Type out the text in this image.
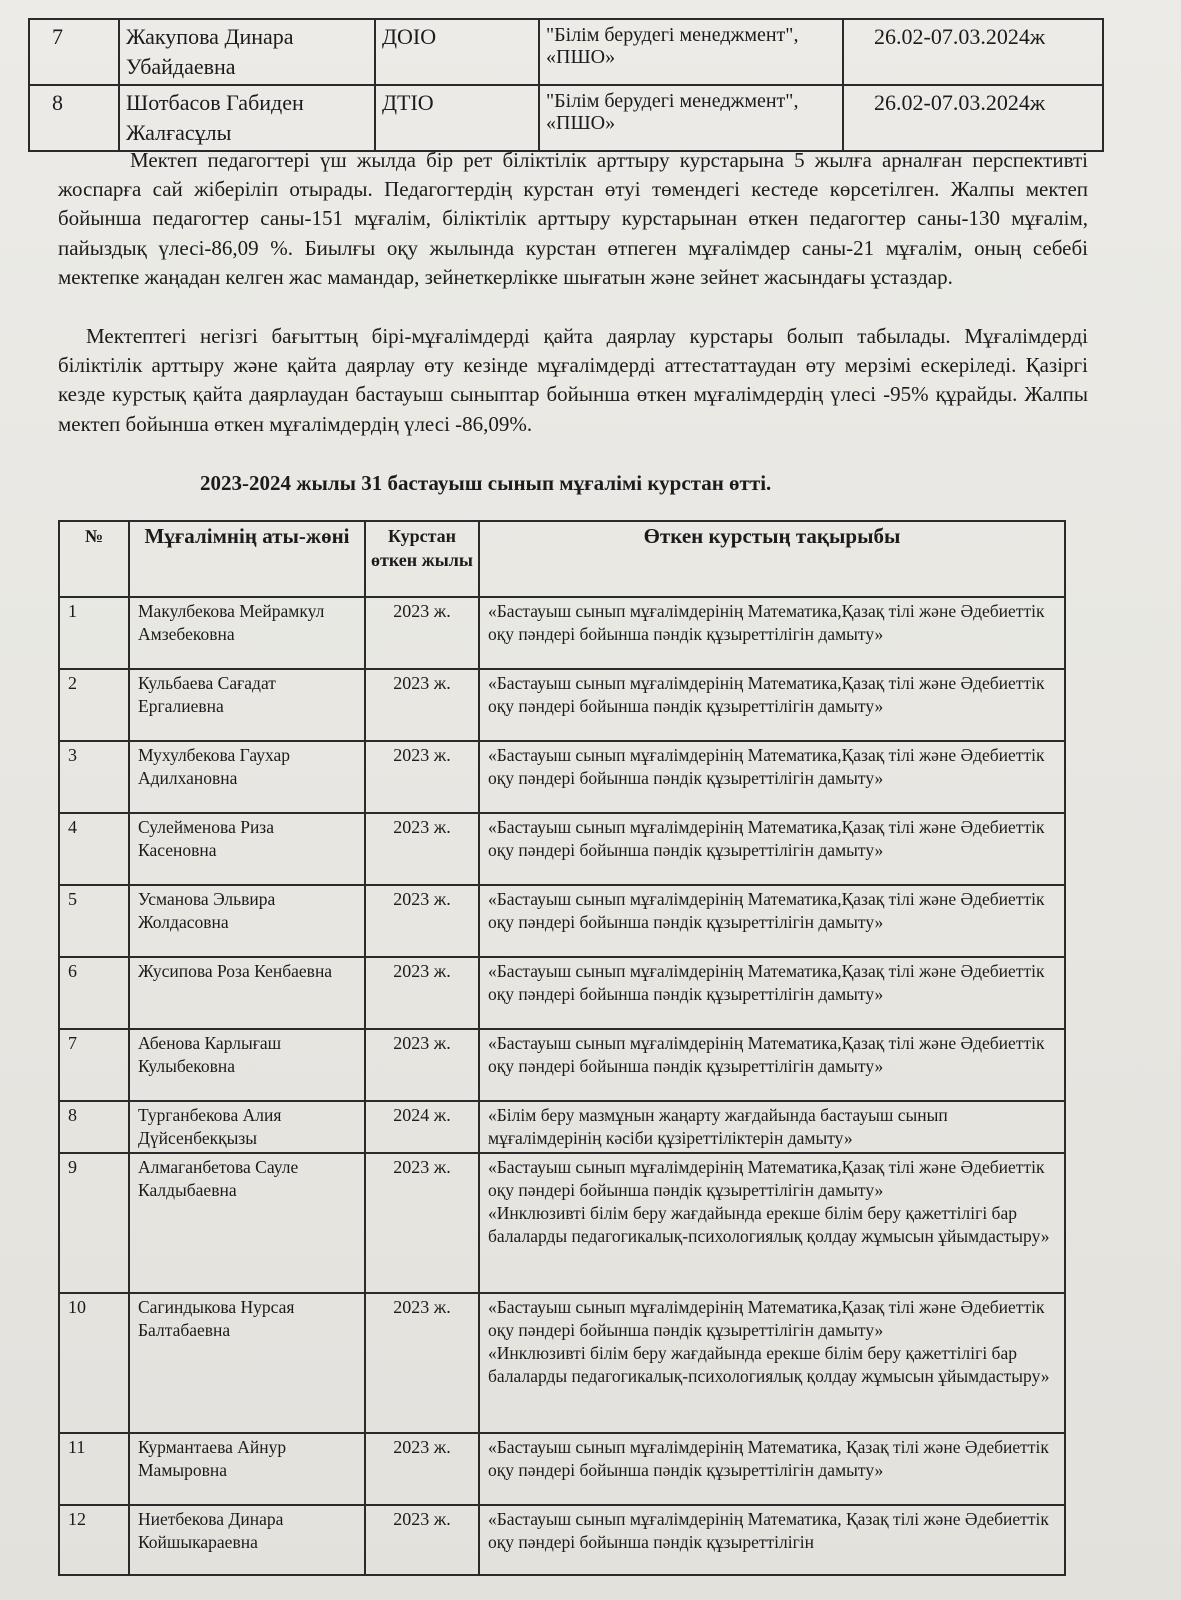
7	Жакупова Динара Убайдаевна	ДОІО	"Білім берудегі менеджмент", «ПШО»	26.02-07.03.2024ж
8	Шотбасов Габиден Жалғасұлы	ДТІО	"Білім берудегі менеджмент", «ПШО»	26.02-07.03.2024ж

Мектеп педагогтері үш жылда бір рет біліктілік арттыру курстарына 5 жылға арналған перспективті жоспарға сай жіберіліп отырады. Педагогтердің курстан өтуі төмендегі кестеде көрсетілген. Жалпы мектеп бойынша педагогтер саны-151 мұғалім, біліктілік арттыру курстарынан өткен педагогтер саны-130 мұғалім, пайыздық үлесі-86,09 %. Биылғы оқу жылында курстан өтпеген мұғалімдер саны-21 мұғалім, оның себебі мектепке жаңадан келген жас мамандар, зейнеткерлікке шығатын және зейнет жасындағы ұстаздар.

Мектептегі негізгі бағыттың бірі-мұғалімдерді қайта даярлау курстары болып табылады. Мұғалімдерді біліктілік арттыру және қайта даярлау өту кезінде мұғалімдерді аттестаттаудан өту мерзімі ескеріледі. Қазіргі кезде курстық қайта даярлаудан бастауыш сыныптар бойынша өткен мұғалімдердің үлесі -95% құрайды. Жалпы мектеп бойынша өткен мұғалімдердің үлесі -86,09%.

2023-2024 жылы 31 бастауыш сынып мұғалімі курстан өтті.

№	Мұғалімнің аты-жөні	Курстан өткен жылы	Өткен курстың тақырыбы
1	Макулбекова Мейрамкул Амзебековна	2023 ж.	«Бастауыш сынып мұғалімдерінің Математика,Қазақ тілі және Әдебиеттік оқу пәндері бойынша пәндік құзыреттілігін дамыту»

2	Кульбаева Сағадат Ергалиевна	2023 ж.	«Бастауыш сынып мұғалімдерінің Математика,Қазақ тілі және Әдебиеттік оқу пәндері бойынша пәндік құзыреттілігін дамыту»

3	Мухулбекова Гаухар Адилхановна	2023 ж.	«Бастауыш сынып мұғалімдерінің Математика,Қазақ тілі және Әдебиеттік оқу пәндері бойынша пәндік құзыреттілігін дамыту»

4	Сулейменова Риза Касеновна	2023 ж.	«Бастауыш сынып мұғалімдерінің Математика,Қазақ тілі және Әдебиеттік оқу пәндері бойынша пәндік құзыреттілігін дамыту»

5	Усманова Эльвира Жолдасовна	2023 ж.	«Бастауыш сынып мұғалімдерінің Математика,Қазақ тілі және Әдебиеттік оқу пәндері бойынша пәндік құзыреттілігін дамыту»

6	Жусипова Роза Кенбаевна	2023 ж.	«Бастауыш сынып мұғалімдерінің Математика,Қазақ тілі және Әдебиеттік оқу пәндері бойынша пәндік құзыреттілігін дамыту»

7	Абенова Карлығаш Кулыбековна	2023 ж.	«Бастауыш сынып мұғалімдерінің Математика,Қазақ тілі және Әдебиеттік оқу пәндері бойынша пәндік құзыреттілігін дамыту»

8	Турганбекова Алия Дүйсенбекқызы	2024 ж.	«Білім беру мазмұнын жаңарту жағдайында бастауыш сынып мұғалімдерінің кәсіби құзіреттіліктерін дамыту»

9	Алмаганбетова Сауле Калдыбаевна	2023 ж.	«Бастауыш сынып мұғалімдерінің Математика,Қазақ тілі және Әдебиеттік оқу пәндері бойынша пәндік құзыреттілігін дамыту»
«Инклюзивті білім беру жағдайында ерекше білім беру қажеттілігі бар балаларды педагогикалық-психологиялық қолдау жұмысын ұйымдастыру»

10	Сагиндыкова Нурсая Балтабаевна	2023 ж.	«Бастауыш сынып мұғалімдерінің Математика,Қазақ тілі және Әдебиеттік оқу пәндері бойынша пәндік құзыреттілігін дамыту»
«Инклюзивті білім беру жағдайында ерекше білім беру қажеттілігі бар балаларды педагогикалық-психологиялық қолдау жұмысын ұйымдастыру»

11	Курмантаева Айнур Мамыровна	2023 ж.	«Бастауыш сынып мұғалімдерінің Математика, Қазақ тілі және Әдебиеттік оқу пәндері бойынша пәндік құзыреттілігін дамыту»

12	Ниетбекова Динара Койшыкараевна	2023 ж.	«Бастауыш сынып мұғалімдерінің Математика, Қазақ тілі және Әдебиеттік оқу пәндері бойынша пәндік құзыреттілігін
